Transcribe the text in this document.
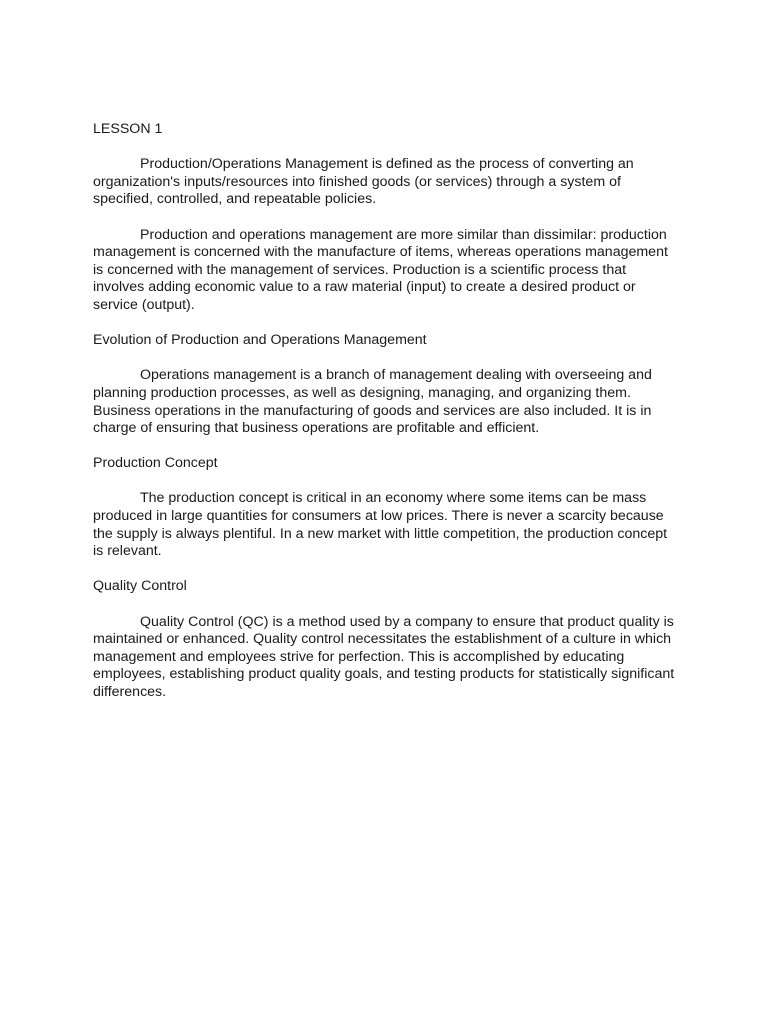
LESSON 1

Production/Operations Management is defined as the process of converting an organization's inputs/resources into finished goods (or services) through a system of specified, controlled, and repeatable policies.

Production and operations management are more similar than dissimilar: production management is concerned with the manufacture of items, whereas operations management is concerned with the management of services. Production is a scientific process that involves adding economic value to a raw material (input) to create a desired product or service (output).

Evolution of Production and Operations Management

Operations management is a branch of management dealing with overseeing and planning production processes, as well as designing, managing, and organizing them. Business operations in the manufacturing of goods and services are also included. It is in charge of ensuring that business operations are profitable and efficient.

Production Concept

The production concept is critical in an economy where some items can be mass produced in large quantities for consumers at low prices. There is never a scarcity because the supply is always plentiful. In a new market with little competition, the production concept is relevant.

Quality Control

Quality Control (QC) is a method used by a company to ensure that product quality is maintained or enhanced. Quality control necessitates the establishment of a culture in which management and employees strive for perfection. This is accomplished by educating employees, establishing product quality goals, and testing products for statistically significant differences.
